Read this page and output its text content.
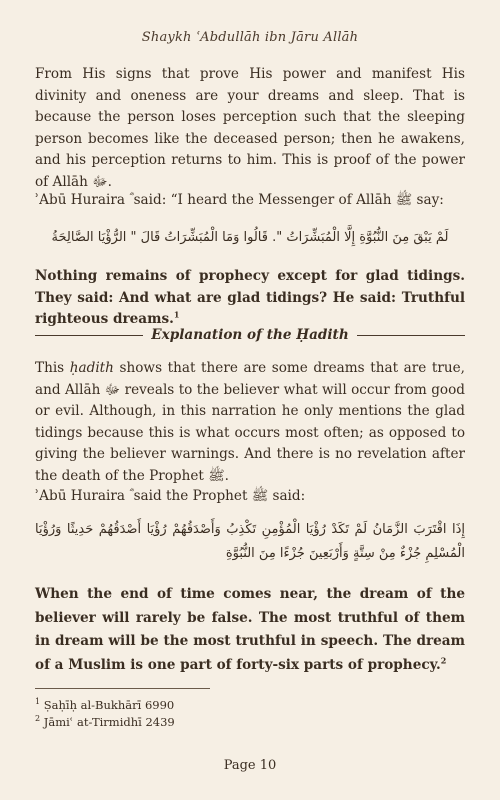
Shaykh ʿAbdullāh ibn Jāru Allāh
From His signs that prove His power and manifest His divinity and oneness are your dreams and sleep. That is because the person loses perception such that the sleeping person becomes like the deceased person; then he awakens, and his perception returns to him. This is proof of the power of Allāh ﷻ.
ʾAbū Huraira ؓ said: “I heard the Messenger of Allāh ﷺ say:
لَمْ يَبْقَ مِنَ النُّبُوَّةِ إِلَّا الْمُبَشِّرَاتُ ". قَالُوا وَمَا الْمُبَشِّرَاتُ قَالَ " الرُّؤْيَا الصَّالِحَةُ
Nothing remains of prophecy except for glad tidings. They said: And what are glad tidings? He said: Truthful righteous dreams.$^1$
Explanation of the Ḥadith
This ḥadith shows that there are some dreams that are true, and Allāh ﷻ reveals to the believer what will occur from good or evil. Although, in this narration he only mentions the glad tidings because this is what occurs most often; as opposed to giving the believer warnings. And there is no revelation after the death of the Prophet ﷺ.
ʾAbū Huraira ؓ said the Prophet ﷺ said:
إِذَا اقْتَرَبَ الزَّمَانُ لَمْ تَكَدْ رُؤْيَا الْمُؤْمِنِ تَكْذِبُ وَأَصْدَقُهُمْ رُؤْيَا أَصْدَقُهُمْ حَدِيثًا وَرُؤْيَا الْمُسْلِمِ جُزْءٌ مِنْ سِتَّةٍ وَأَرْبَعِينَ جُزْءًا مِنَ النُّبُوَّةِ
When the end of time comes near, the dream of the believer will rarely be false. The most truthful of them in dream will be the most truthful in speech. The dream of a Muslim is one part of forty-six parts of prophecy.$^2$
$^1$ Ṣaḥīḥ al-Bukhārī 6990
$^2$ Jāmiʿ at-Tirmidhī 2439
Page 10
